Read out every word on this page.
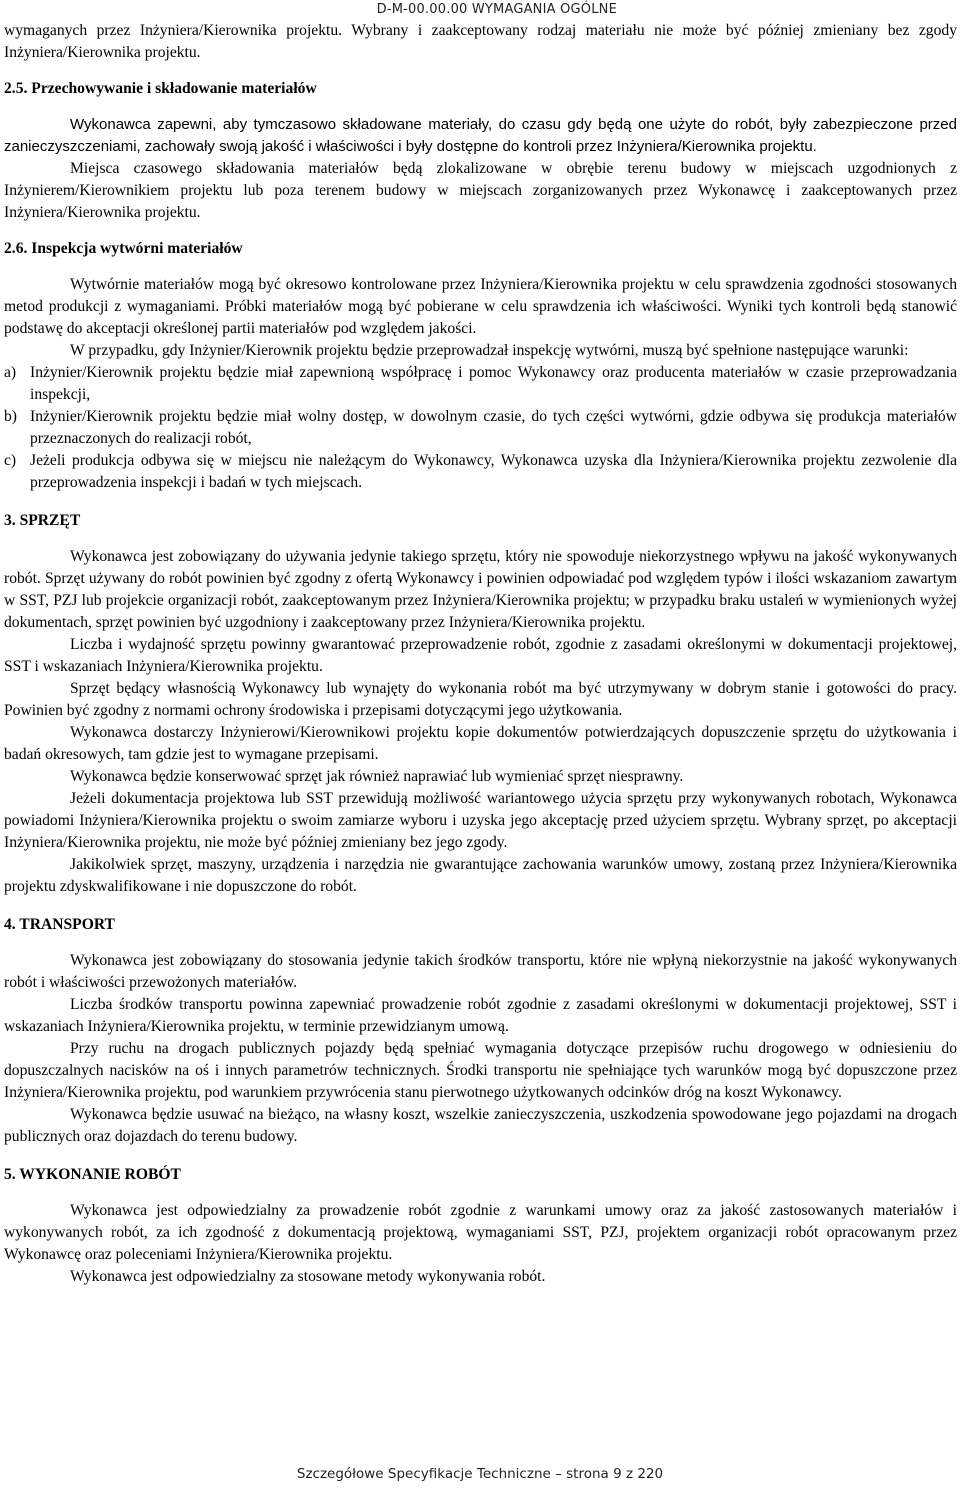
D-M-00.00.00 WYMAGANIA OGÓLNE

wymaganych przez Inżyniera/Kierownika projektu. Wybrany i zaakceptowany rodzaj materiału nie może być później zmieniany bez zgody Inżyniera/Kierownika projektu.

2.5. Przechowywanie i składowanie materiałów

Wykonawca zapewni, aby tymczasowo składowane materiały, do czasu gdy będą one użyte do robót, były zabezpieczone przed zanieczyszczeniami, zachowały swoją jakość i właściwości i były dostępne do kontroli przez Inżyniera/Kierownika projektu.

Miejsca czasowego składowania materiałów będą zlokalizowane w obrębie terenu budowy w miejscach uzgodnionych z Inżynierem/Kierownikiem projektu lub poza terenem budowy w miejscach zorganizowanych przez Wykonawcę i zaakceptowanych przez Inżyniera/Kierownika projektu.

2.6. Inspekcja wytwórni materiałów

Wytwórnie materiałów mogą być okresowo kontrolowane przez Inżyniera/Kierownika projektu w celu sprawdzenia zgodności stosowanych metod produkcji z wymaganiami. Próbki materiałów mogą być pobierane w celu sprawdzenia ich właściwości. Wyniki tych kontroli będą stanowić podstawę do akceptacji określonej partii materiałów pod względem jakości.

W przypadku, gdy Inżynier/Kierownik projektu będzie przeprowadzał inspekcję wytwórni, muszą być spełnione następujące warunki:

a) Inżynier/Kierownik projektu będzie miał zapewnioną współpracę i pomoc Wykonawcy oraz producenta materiałów w czasie przeprowadzania inspekcji,
b) Inżynier/Kierownik projektu będzie miał wolny dostęp, w dowolnym czasie, do tych części wytwórni, gdzie odbywa się produkcja materiałów przeznaczonych do realizacji robót,
c) Jeżeli produkcja odbywa się w miejscu nie należącym do Wykonawcy, Wykonawca uzyska dla Inżyniera/Kierownika projektu zezwolenie dla przeprowadzenia inspekcji i badań w tych miejscach.

3. SPRZĘT

Wykonawca jest zobowiązany do używania jedynie takiego sprzętu, który nie spowoduje niekorzystnego wpływu na jakość wykonywanych robót. Sprzęt używany do robót powinien być zgodny z ofertą Wykonawcy i powinien odpowiadać pod względem typów i ilości wskazaniom zawartym w SST, PZJ lub projekcie organizacji robót, zaakceptowanym przez Inżyniera/Kierownika projektu; w przypadku braku ustaleń w wymienionych wyżej dokumentach, sprzęt powinien być uzgodniony i zaakceptowany przez Inżyniera/Kierownika projektu.

Liczba i wydajność sprzętu powinny gwarantować przeprowadzenie robót, zgodnie z zasadami określonymi w dokumentacji projektowej, SST i wskazaniach Inżyniera/Kierownika projektu.

Sprzęt będący własnością Wykonawcy lub wynajęty do wykonania robót ma być utrzymywany w dobrym stanie i gotowości do pracy. Powinien być zgodny z normami ochrony środowiska i przepisami dotyczącymi jego użytkowania.

Wykonawca dostarczy Inżynierowi/Kierownikowi projektu kopie dokumentów potwierdzających dopuszczenie sprzętu do użytkowania i badań okresowych, tam gdzie jest to wymagane przepisami.

Wykonawca będzie konserwować sprzęt jak również naprawiać lub wymieniać sprzęt niesprawny.

Jeżeli dokumentacja projektowa lub SST przewidują możliwość wariantowego użycia sprzętu przy wykonywanych robotach, Wykonawca powiadomi Inżyniera/Kierownika projektu o swoim zamiarze wyboru i uzyska jego akceptację przed użyciem sprzętu. Wybrany sprzęt, po akceptacji Inżyniera/Kierownika projektu, nie może być później zmieniany bez jego zgody.

Jakikolwiek sprzęt, maszyny, urządzenia i narzędzia nie gwarantujące zachowania warunków umowy, zostaną przez Inżyniera/Kierownika projektu zdyskwalifikowane i nie dopuszczone do robót.

4. TRANSPORT

Wykonawca jest zobowiązany do stosowania jedynie takich środków transportu, które nie wpłyną niekorzystnie na jakość wykonywanych robót i właściwości przewożonych materiałów.

Liczba środków transportu powinna zapewniać prowadzenie robót zgodnie z zasadami określonymi w dokumentacji projektowej, SST i wskazaniach Inżyniera/Kierownika projektu, w terminie przewidzianym umową.

Przy ruchu na drogach publicznych pojazdy będą spełniać wymagania dotyczące przepisów ruchu drogowego w odniesieniu do dopuszczalnych nacisków na oś i innych parametrów technicznych. Środki transportu nie spełniające tych warunków mogą być dopuszczone przez Inżyniera/Kierownika projektu, pod warunkiem przywrócenia stanu pierwotnego użytkowanych odcinków dróg na koszt Wykonawcy.

Wykonawca będzie usuwać na bieżąco, na własny koszt, wszelkie zanieczyszczenia, uszkodzenia spowodowane jego pojazdami na drogach publicznych oraz dojazdach do terenu budowy.

5. WYKONANIE ROBÓT

Wykonawca jest odpowiedzialny za prowadzenie robót zgodnie z warunkami umowy oraz za jakość zastosowanych materiałów i wykonywanych robót, za ich zgodność z dokumentacją projektową, wymaganiami SST, PZJ, projektem organizacji robót opracowanym przez Wykonawcę oraz poleceniami Inżyniera/Kierownika projektu.

Wykonawca jest odpowiedzialny za stosowane metody wykonywania robót.

Szczegółowe Specyfikacje Techniczne – strona 9 z 220
